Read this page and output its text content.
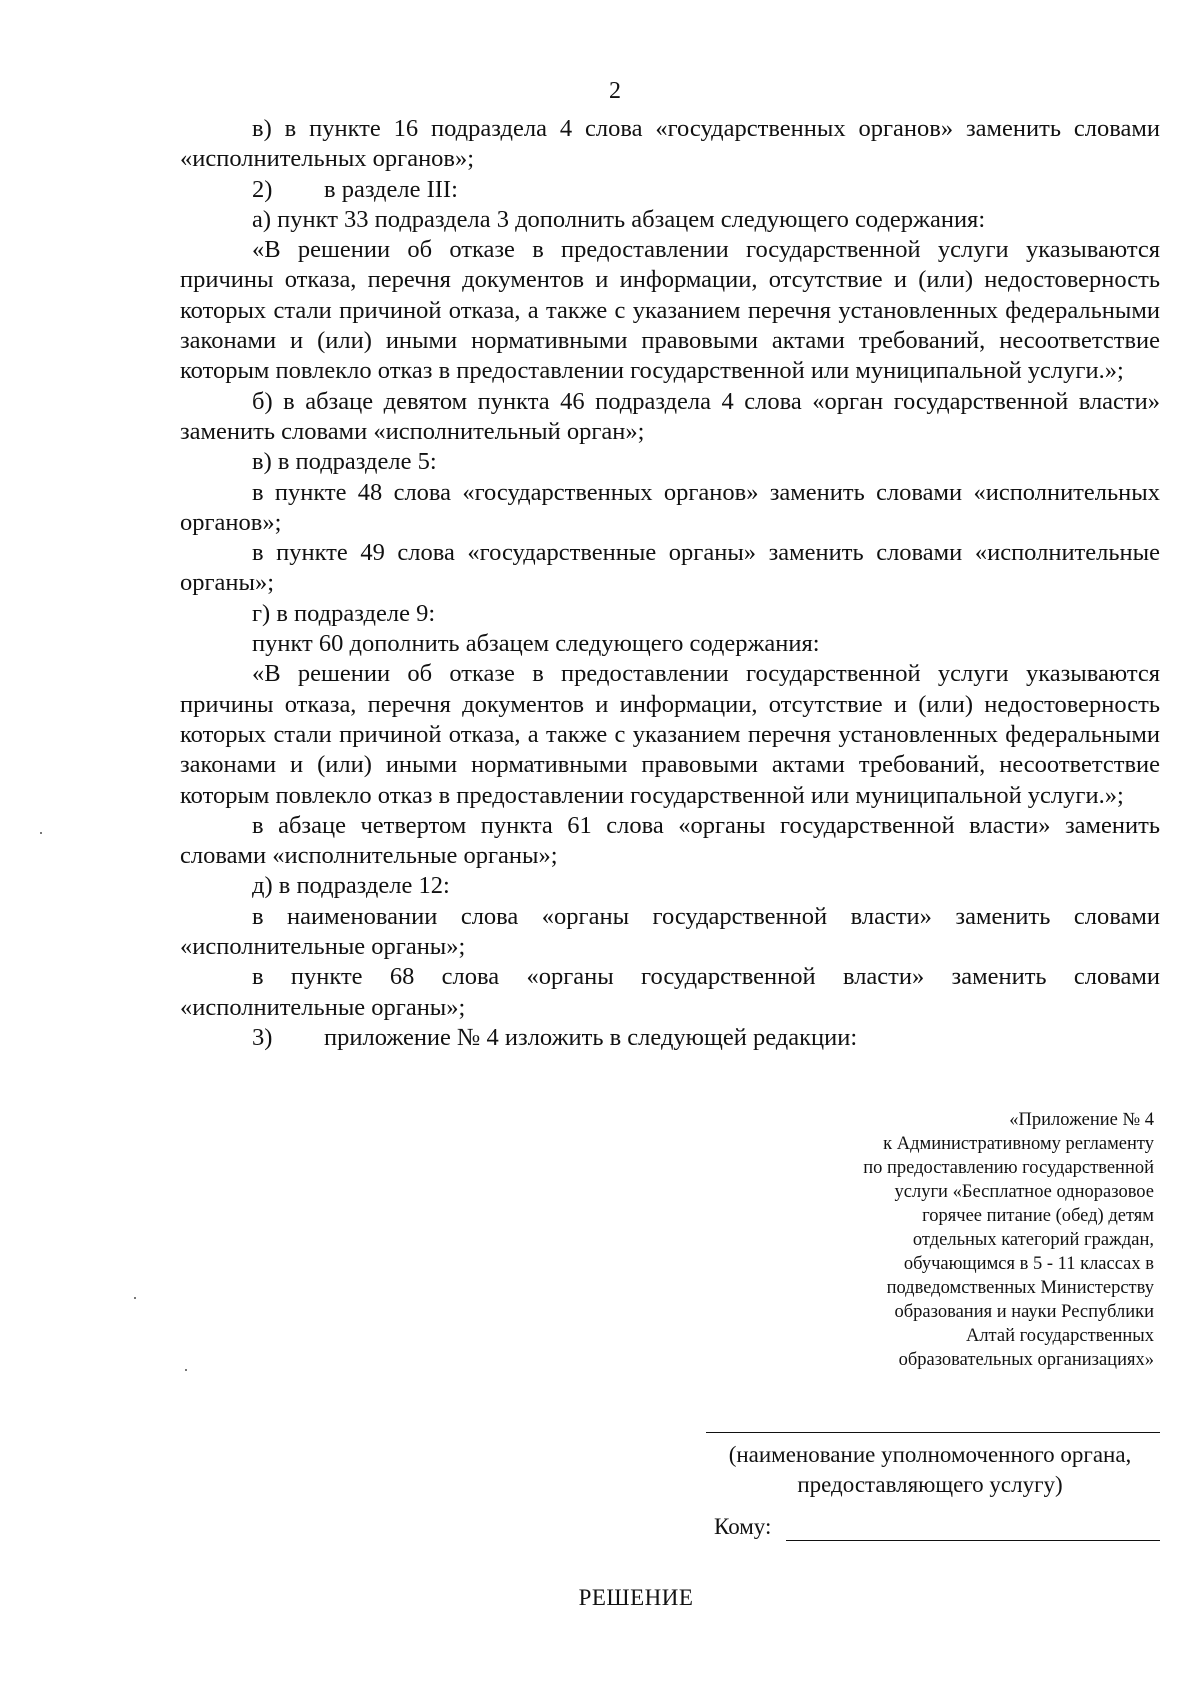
2

в) в пункте 16 подраздела 4 слова «государственных органов» заменить словами «исполнительных органов»;

2) в разделе III:

а) пункт 33 подраздела 3 дополнить абзацем следующего содержания:

«В решении об отказе в предоставлении государственной услуги указываются причины отказа, перечня документов и информации, отсутствие и (или) недостоверность которых стали причиной отказа, а также с указанием перечня установленных федеральными законами и (или) иными нормативными правовыми актами требований, несоответствие которым повлекло отказ в предоставлении государственной или муниципальной услуги.»;

б) в абзаце девятом пункта 46 подраздела 4 слова «орган государственной власти» заменить словами «исполнительный орган»;

в) в подразделе 5:

в пункте 48 слова «государственных органов» заменить словами «исполнительных органов»;

в пункте 49 слова «государственные органы» заменить словами «исполнительные органы»;

г) в подразделе 9:

пункт 60 дополнить абзацем следующего содержания:

«В решении об отказе в предоставлении государственной услуги указываются причины отказа, перечня документов и информации, отсутствие и (или) недостоверность которых стали причиной отказа, а также с указанием перечня установленных федеральными законами и (или) иными нормативными правовыми актами требований, несоответствие которым повлекло отказ в предоставлении государственной или муниципальной услуги.»;

в абзаце четвертом пункта 61 слова «органы государственной власти» заменить словами «исполнительные органы»;

д) в подразделе 12:

в наименовании слова «органы государственной власти» заменить словами «исполнительные органы»;

в пункте 68 слова «органы государственной власти» заменить словами «исполнительные органы»;

3) приложение № 4 изложить в следующей редакции:

«Приложение № 4
к Административному регламенту
по предоставлению государственной
услуги «Бесплатное одноразовое
горячее питание (обед) детям
отдельных категорий граждан,
обучающимся в 5 - 11 классах в
подведомственных Министерству
образования и науки Республики
Алтай государственных
образовательных организациях»
(наименование уполномоченного органа,
предоставляющего услугу)
Кому:
РЕШЕНИЕ
